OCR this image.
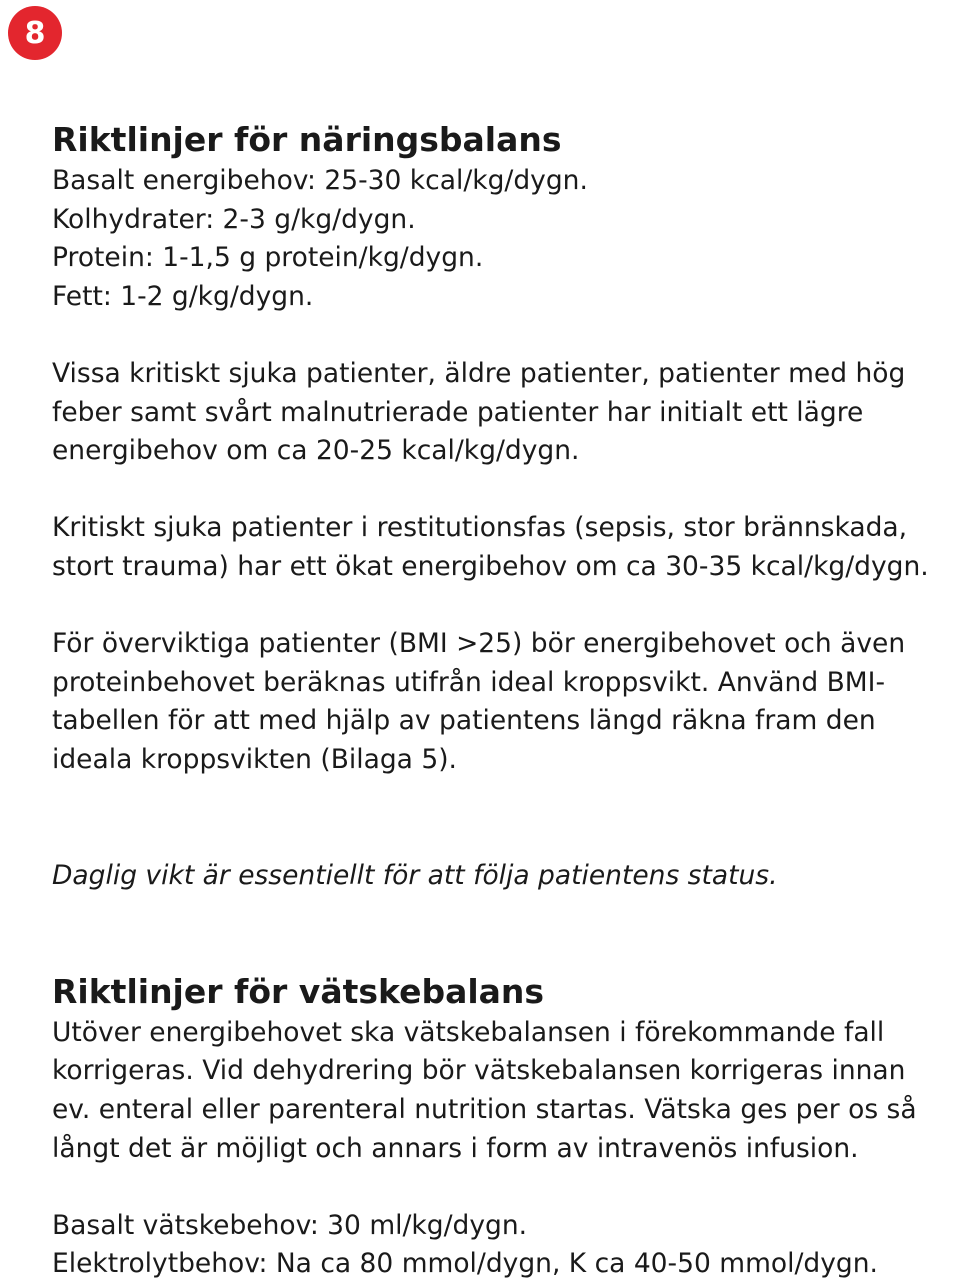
8
Riktlinjer för näringsbalans
Basalt energibehov: 25-30 kcal/kg/dygn.
Kolhydrater: 2-3 g/kg/dygn.
Protein: 1-1,5 g protein/kg/dygn.
Fett: 1-2 g/kg/dygn.
Vissa kritiskt sjuka patienter, äldre patienter, patienter med hög
feber samt svårt malnutrierade patienter har initialt ett lägre
energibehov om ca 20-25 kcal/kg/dygn.
Kritiskt sjuka patienter i restitutionsfas (sepsis, stor brännskada,
stort trauma) har ett ökat energibehov om ca 30-35 kcal/kg/dygn.
För överviktiga patienter (BMI >25) bör energibehovet och även
proteinbehovet beräknas utifrån ideal kroppsvikt. Använd BMI-
tabellen för att med hjälp av patientens längd räkna fram den
ideala kroppsvikten (Bilaga 5).
Daglig vikt är essentiellt för att följa patientens status.
Riktlinjer för vätskebalans
Utöver energibehovet ska vätskebalansen i förekommande fall
korrigeras. Vid dehydrering bör vätskebalansen korrigeras innan
ev. enteral eller parenteral nutrition startas. Vätska ges per os så
långt det är möjligt och annars i form av intravenös infusion.
Basalt vätskebehov: 30 ml/kg/dygn.
Elektrolytbehov: Na ca 80 mmol/dygn, K ca 40-50 mmol/dygn.
